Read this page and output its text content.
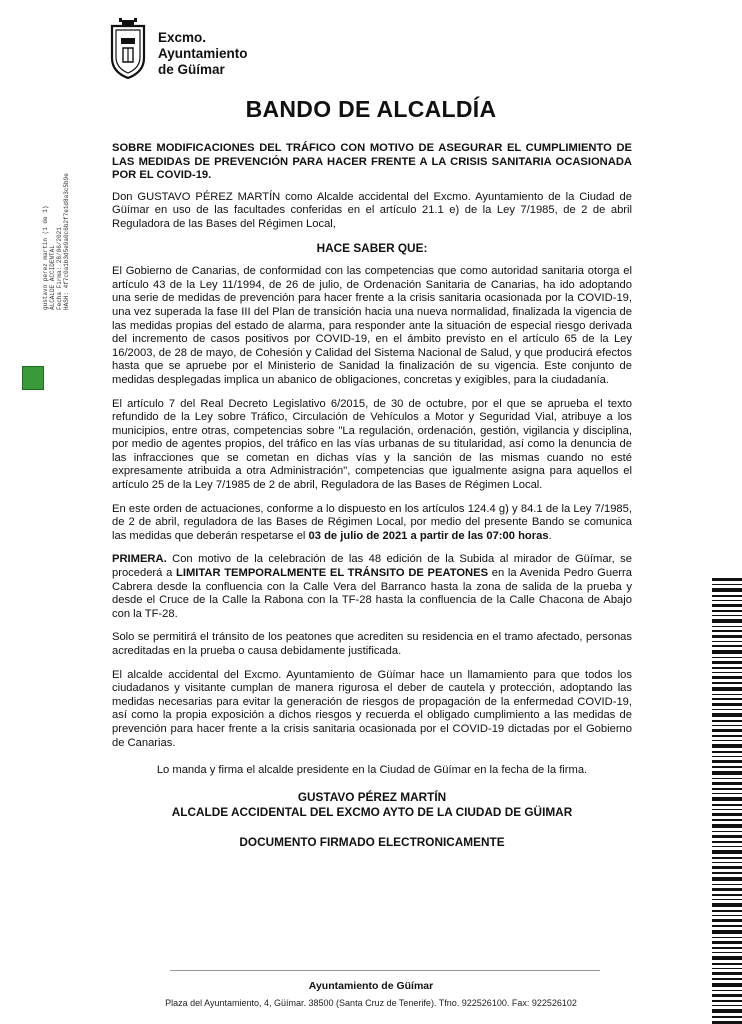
Excmo.
Ayuntamiento
de Güímar
BANDO DE ALCALDÍA
gustavo perez martin (1 de 1) ALCALDE ACCIDENTAL Fecha Firma: 28/06/2021 HASH: 4f7c0a1b3d5e9a0c6b2f7e1d8a3c5b9e

SOBRE MODIFICACIONES DEL TRÁFICO CON MOTIVO DE ASEGURAR EL CUMPLIMIENTO DE LAS MEDIDAS DE PREVENCIÓN PARA HACER FRENTE A LA CRISIS SANITARIA OCASIONADA POR EL COVID-19.

Don GUSTAVO PÉREZ MARTÍN como Alcalde accidental del Excmo. Ayuntamiento de la Ciudad de Güímar en uso de las facultades conferidas en el artículo 21.1 e) de la Ley 7/1985, de 2 de abril Reguladora de las Bases del Régimen Local,

HACE SABER QUE:

El Gobierno de Canarias, de conformidad con las competencias que como autoridad sanitaria otorga el artículo 43 de la Ley 11/1994, de 26 de julio, de Ordenación Sanitaria de Canarias, ha ido adoptando una serie de medidas de prevención para hacer frente a la crisis sanitaria ocasionada por la COVID-19, una vez superada la fase III del Plan de transición hacia una nueva normalidad, finalizada la vigencia de las medidas propias del estado de alarma, para responder ante la situación de especial riesgo derivada del incremento de casos positivos por COVID-19, en el ámbito previsto en el artículo 65 de la Ley 16/2003, de 28 de mayo, de Cohesión y Calidad del Sistema Nacional de Salud, y que producirá efectos hasta que se apruebe por el Ministerio de Sanidad la finalización de su vigencia. Este conjunto de medidas desplegadas implica un abanico de obligaciones, concretas y exigibles, para la ciudadanía.

El artículo 7 del Real Decreto Legislativo 6/2015, de 30 de octubre, por el que se aprueba el texto refundido de la Ley sobre Tráfico, Circulación de Vehículos a Motor y Seguridad Vial, atribuye a los municipios, entre otras, competencias sobre "La regulación, ordenación, gestión, vigilancia y disciplina, por medio de agentes propios, del tráfico en las vías urbanas de su titularidad, así como la denuncia de las infracciones que se cometan en dichas vías y la sanción de las mismas cuando no esté expresamente atribuida a otra Administración", competencias que igualmente asigna para aquellos el artículo 25 de la Ley 7/1985 de 2 de abril, Reguladora de las Bases de Régimen Local.

En este orden de actuaciones, conforme a lo dispuesto en los artículos 124.4 g) y 84.1 de la Ley 7/1985, de 2 de abril, reguladora de las Bases de Régimen Local, por medio del presente Bando se comunica las medidas que deberán respetarse el 03 de julio de 2021 a partir de las 07:00 horas.

PRIMERA. Con motivo de la celebración de las 48 edición de la Subida al mirador de Güímar, se procederá a LIMITAR TEMPORALMENTE EL TRÁNSITO DE PEATONES en la Avenida Pedro Guerra Cabrera desde la confluencia con la Calle Vera del Barranco hasta la zona de salida de la prueba y desde el Cruce de la Calle la Rabona con la TF-28 hasta la confluencia de la Calle Chacona de Abajo con la TF-28.

Solo se permitirá el tránsito de los peatones que acrediten su residencia en el tramo afectado, personas acreditadas en la prueba o causa debidamente justificada.

El alcalde accidental del Excmo. Ayuntamiento de Güímar hace un llamamiento para que todos los ciudadanos y visitante cumplan de manera rigurosa el deber de cautela y protección, adoptando las medidas necesarias para evitar la generación de riesgos de propagación de la enfermedad COVID-19, así como la propia exposición a dichos riesgos y recuerda el obligado cumplimiento a las medidas de prevención para hacer frente a la crisis sanitaria ocasionada por el COVID-19 dictadas por el Gobierno de Canarias.

Lo manda y firma el alcalde presidente en la Ciudad de Güímar en la fecha de la firma.

GUSTAVO PÉREZ MARTÍN
ALCALDE ACCIDENTAL DEL EXCMO AYTO DE LA CIUDAD DE GÜIMAR
DOCUMENTO FIRMADO ELECTRONICAMENTE
Ayuntamiento de Güímar
Plaza del Ayuntamiento, 4, Güímar. 38500 (Santa Cruz de Tenerife). Tfno. 922526100. Fax: 922526102
